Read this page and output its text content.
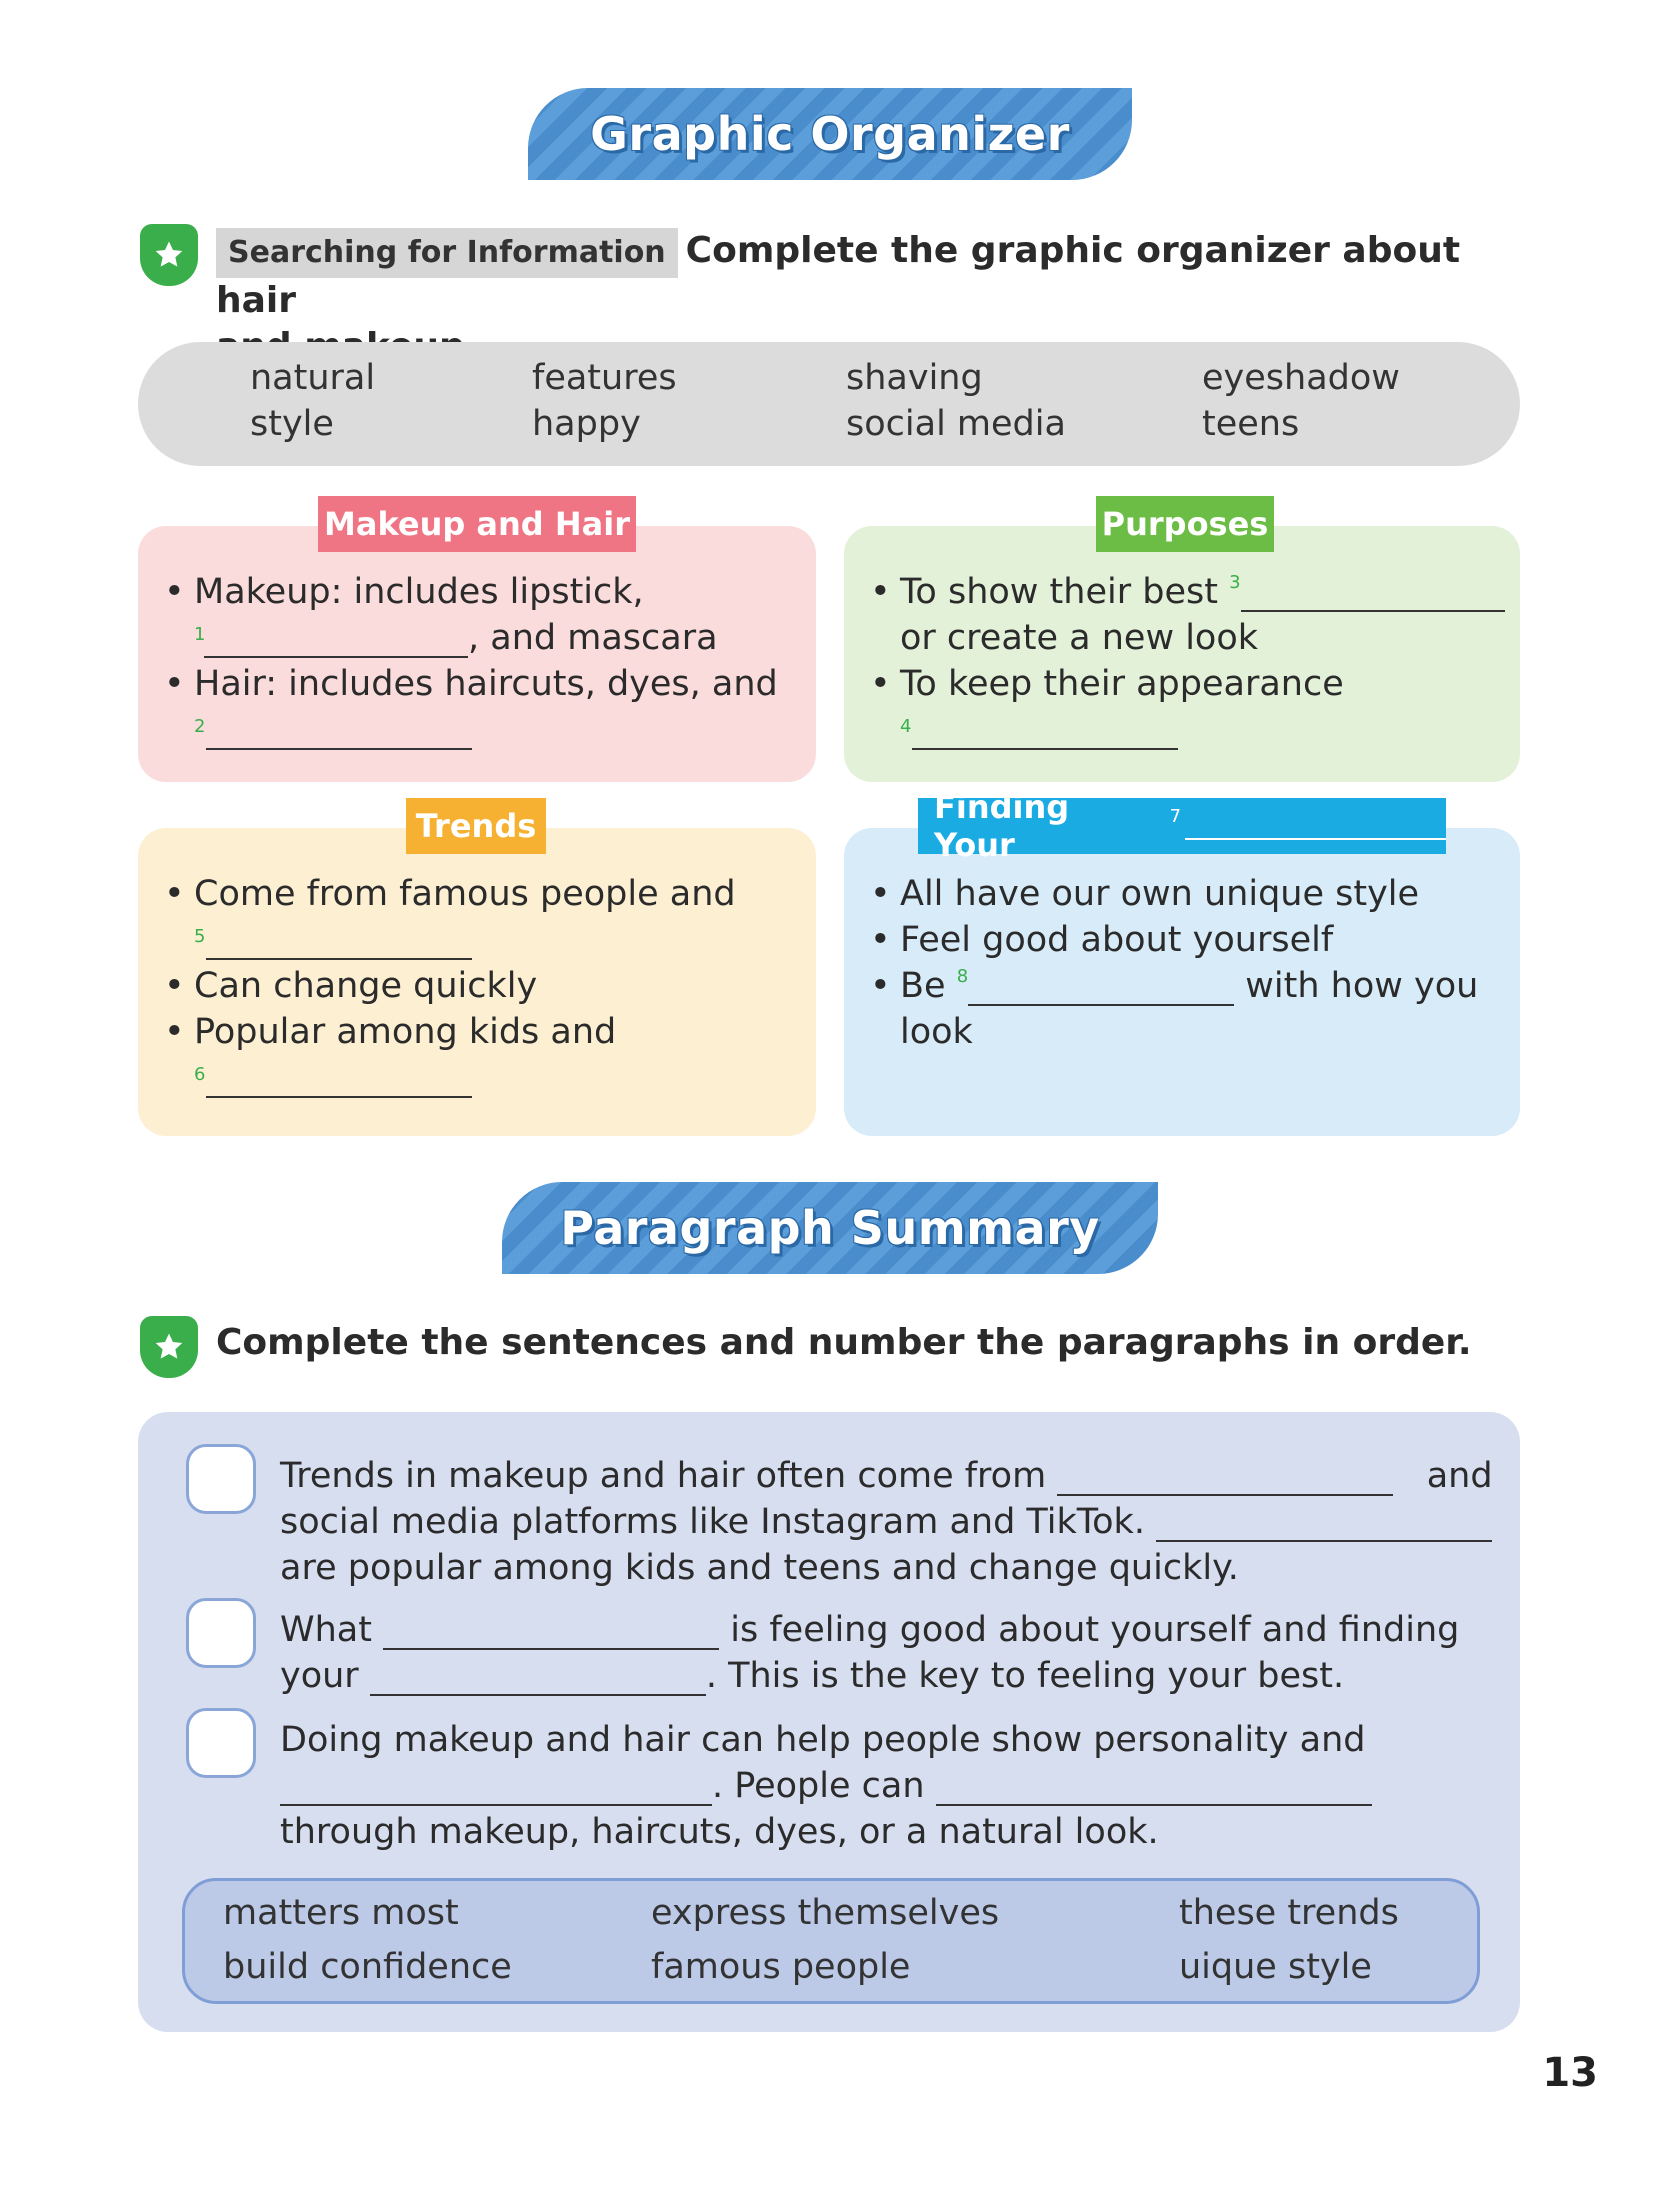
Graphic Organizer
Searching for Information Complete the graphic organizer about hair

natural	features	shaving	eyeshadow
style	happy	social media	teens
Makeup and Hair
• Makeup: includes lipstick,
1	, and mascara
• Hair: includes haircuts, dyes, and
2
Purposes
• To show their best $^3$
or create a new look
• To keep their appearance
4
Trends
• Come from famous people and
5
• Can change quickly
• Popular among kids and
6
Finding Your

7
• All have our own unique style
• Feel good about yourself
• Be $^8$	with how you
look
Paragraph Summary
Complete the sentences and number the paragraphs in order.
Trends in makeup and hair often come from	and
social media platforms like Instagram and TikTok.
are popular among kids and teens and change quickly.
What	is feeling good about yourself and finding
your	. This is the key to feeling your best.
Doing makeup and hair can help people show personality and
. People can
through makeup, haircuts, dyes, or a natural look.
matters most	express themselves	these trends
build confidence	famous people	uique style
13
